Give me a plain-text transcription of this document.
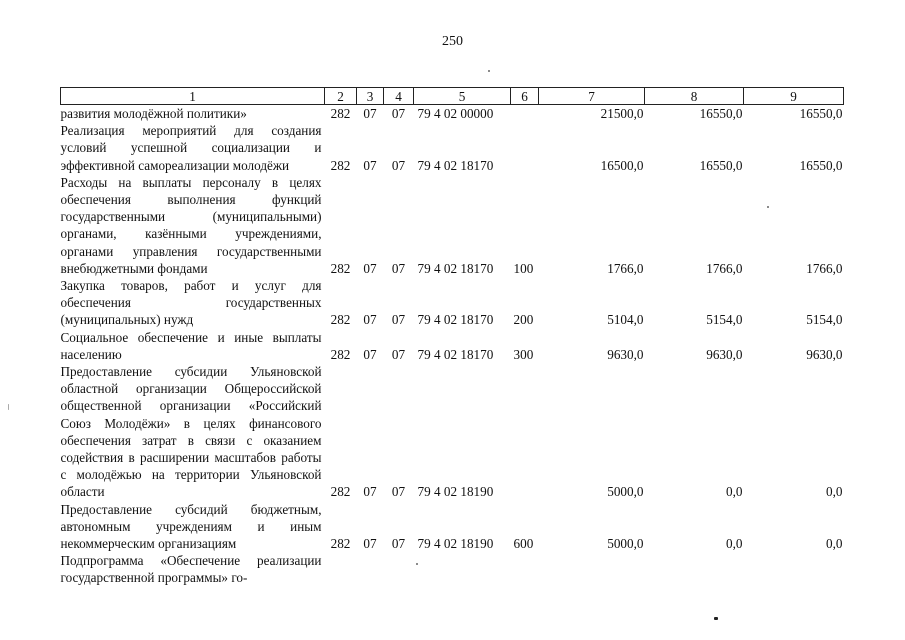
250
1	2	3	4	5	6	7	8	9
развития молодёжной политики»	282	07	07	79 4 02 00000		21500,0	16550,0	16550,0
Реализация мероприятий для создания условий успешной социализации и эффективной самореализации молодёжи	282	07	07	79 4 02 18170		16500,0	16550,0	16550,0
Расходы на выплаты персоналу в целях обеспечения выполнения функций государственными (муниципальными) органами, казёнными учреждениями, органами управления государственными внебюджетными фондами	282	07	07	79 4 02 18170	100	1766,0	1766,0	1766,0
Закупка товаров, работ и услуг для обеспечения государственных (муниципальных) нужд	282	07	07	79 4 02 18170	200	5104,0	5154,0	5154,0
Социальное обеспечение и иные выплаты населению	282	07	07	79 4 02 18170	300	9630,0	9630,0	9630,0
Предоставление субсидии Ульяновской областной организации Общероссийской общественной организации «Российский Союз Молодёжи» в целях финансового обеспечения затрат в связи с оказанием содействия в расширении масштабов работы с молодёжью на территории Ульяновской области	282	07	07	79 4 02 18190		5000,0	0,0	0,0
Предоставление субсидий бюджетным, автономным учреждениям и иным некоммерческим организациям	282	07	07	79 4 02 18190	600	5000,0	0,0	0,0
Подпрограмма «Обеспечение реализации государственной программы» го-								
